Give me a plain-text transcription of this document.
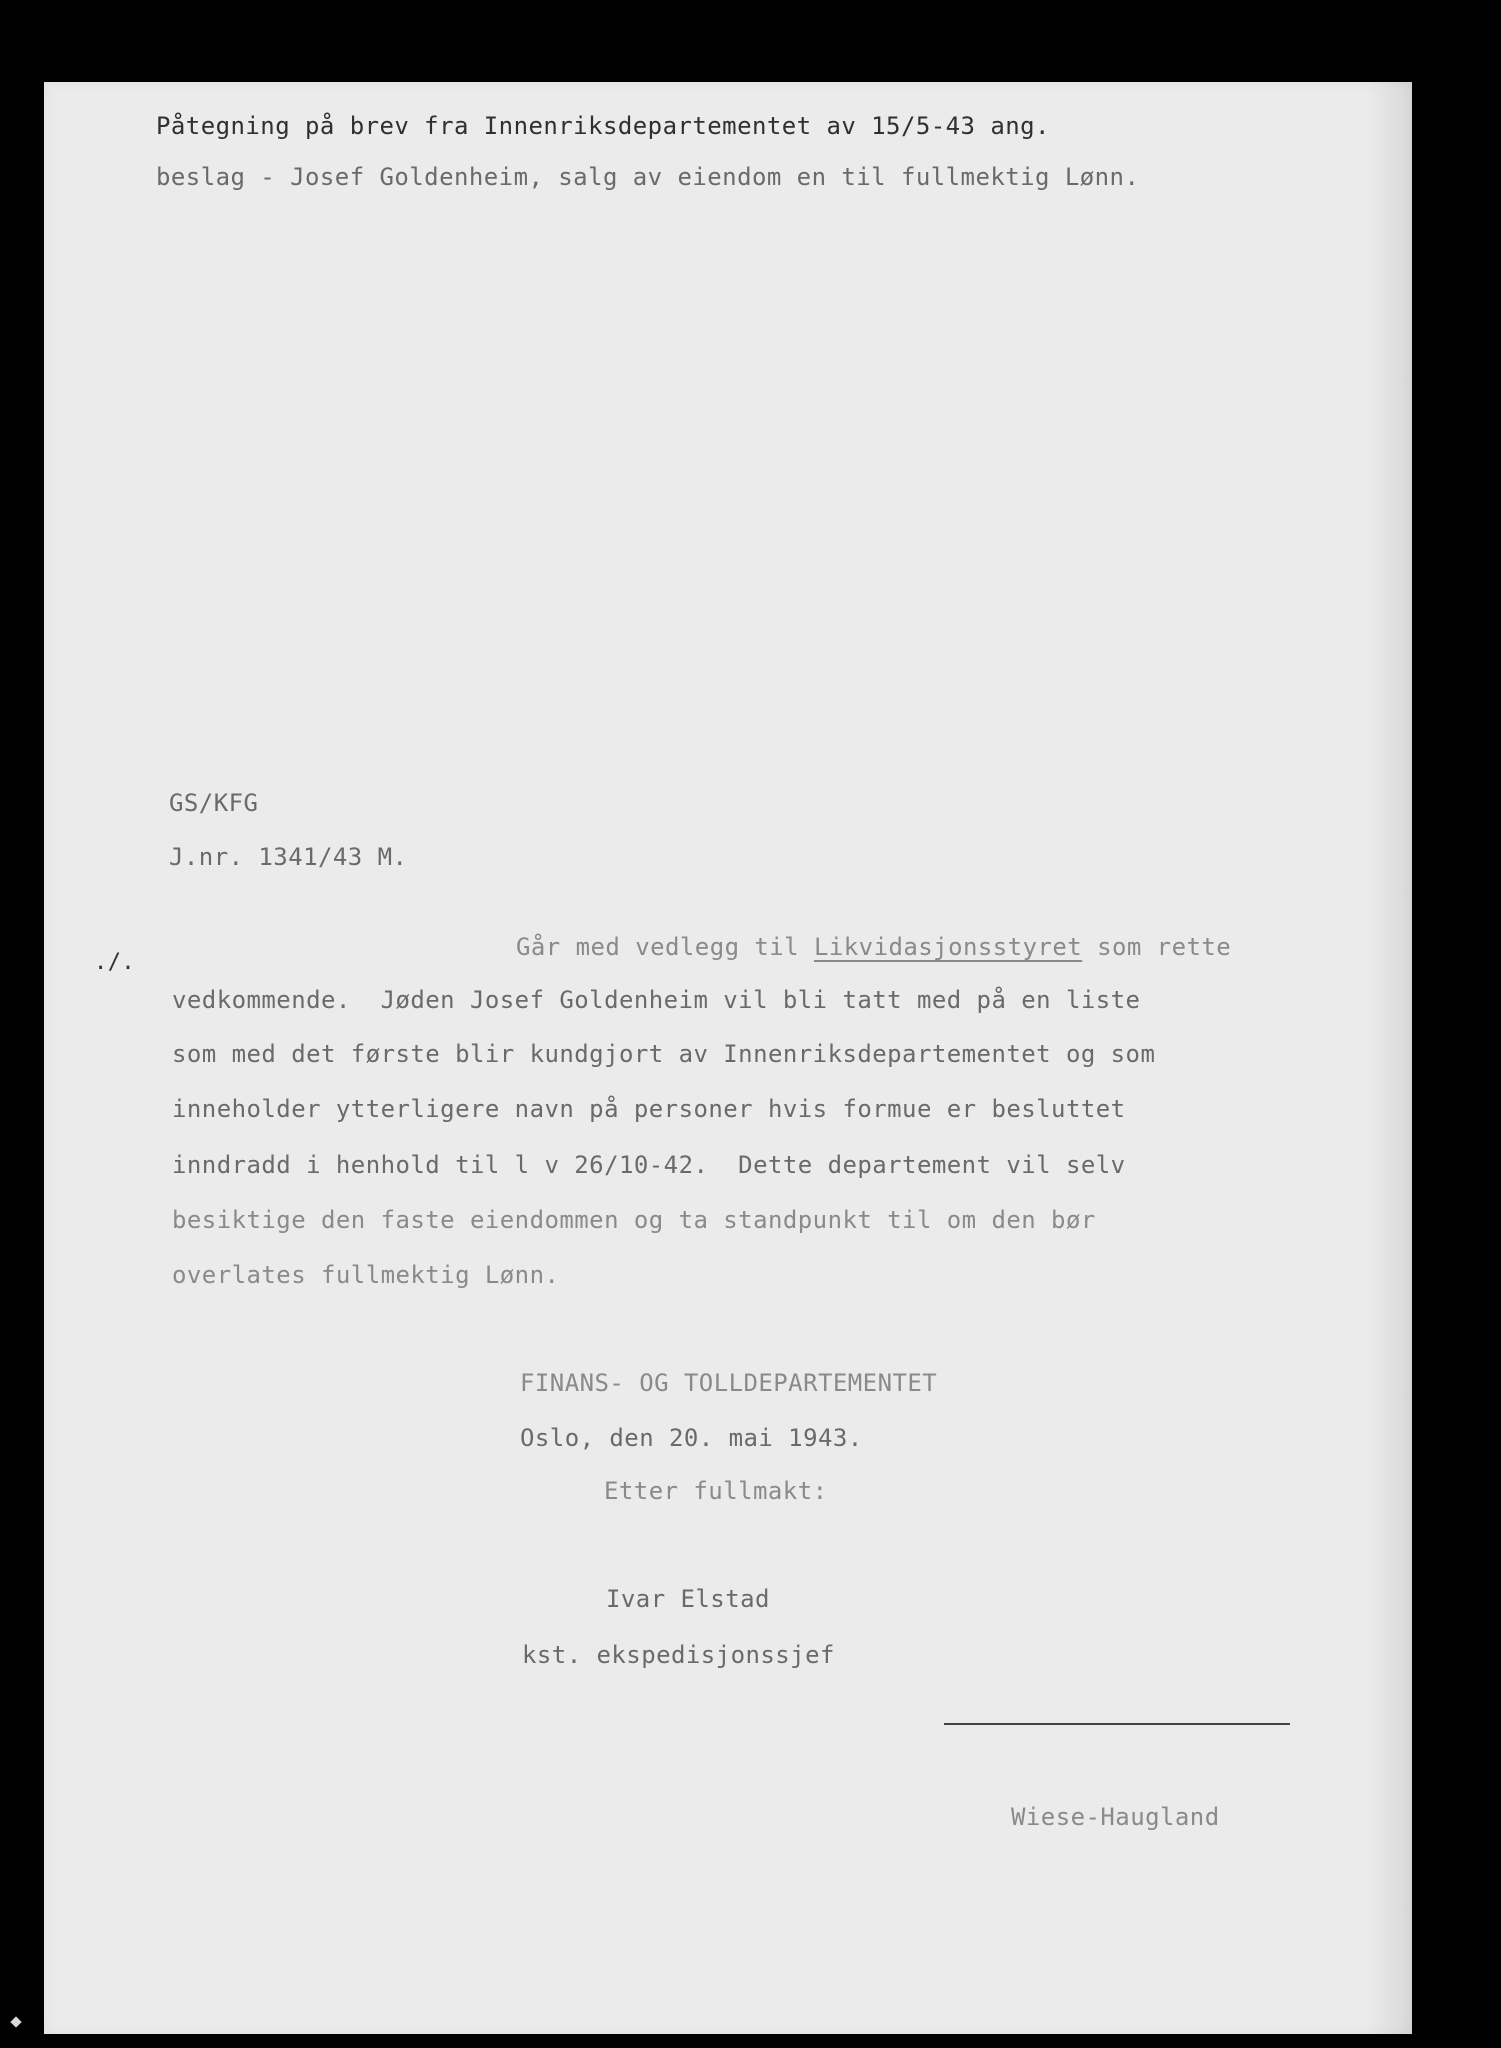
Påtegning på brev fra Innenriksdepartementet av 15/5-43 ang.
beslag - Josef Goldenheim, salg av eiendom en til fullmektig Lønn.
GS/KFG
J.nr. 1341/43 M.
./.
Går med vedlegg til Likvidasjonsstyret som rette
vedkommende.  Jøden Josef Goldenheim vil bli tatt med på en liste
som med det første blir kundgjort av Innenriksdepartementet og som
inneholder ytterligere navn på personer hvis formue er besluttet
inndradd i henhold til l v 26/10-42.  Dette departement vil selv
besiktige den faste eiendommen og ta standpunkt til om den bør
overlates fullmektig Lønn.
FINANS- OG TOLLDEPARTEMENTET
Oslo, den 20. mai 1943.
Etter fullmakt:
Ivar Elstad
kst. ekspedisjonssjef
Wiese-Haugland
